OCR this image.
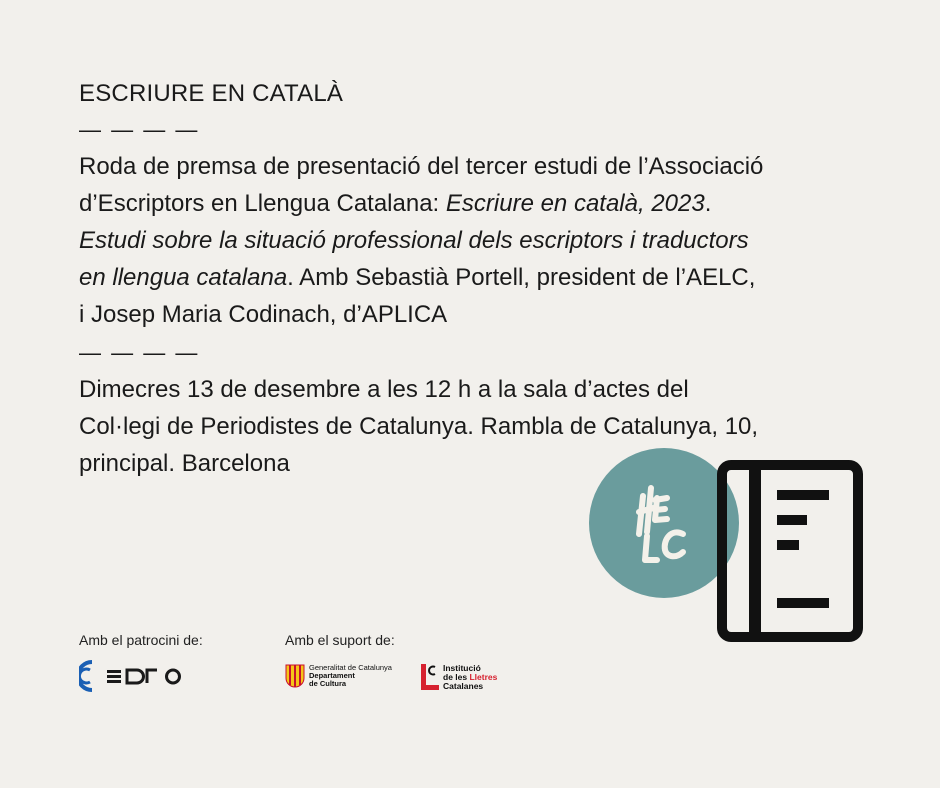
ESCRIURE EN CATALÀ
— — — —
Roda de premsa de presentació del tercer estudi de l’Associació
d’Escriptors en Llengua Catalana: Escriure en català, 2023.
Estudi sobre la situació professional dels escriptors i traductors
en llengua catalana. Amb Sebastià Portell, president de l’AELC,
i Josep Maria Codinach, d’APLICA
— — — —
Dimecres 13 de desembre a les 12 h a la sala d’actes del
Col·legi de Periodistes de Catalunya. Rambla de Catalunya, 10,
principal. Barcelona
Amb el patrocini de:	Amb el suport de:
Generalitat de Catalunya
Departament
de Cultura
Institució
de les Lletres
Catalanes
